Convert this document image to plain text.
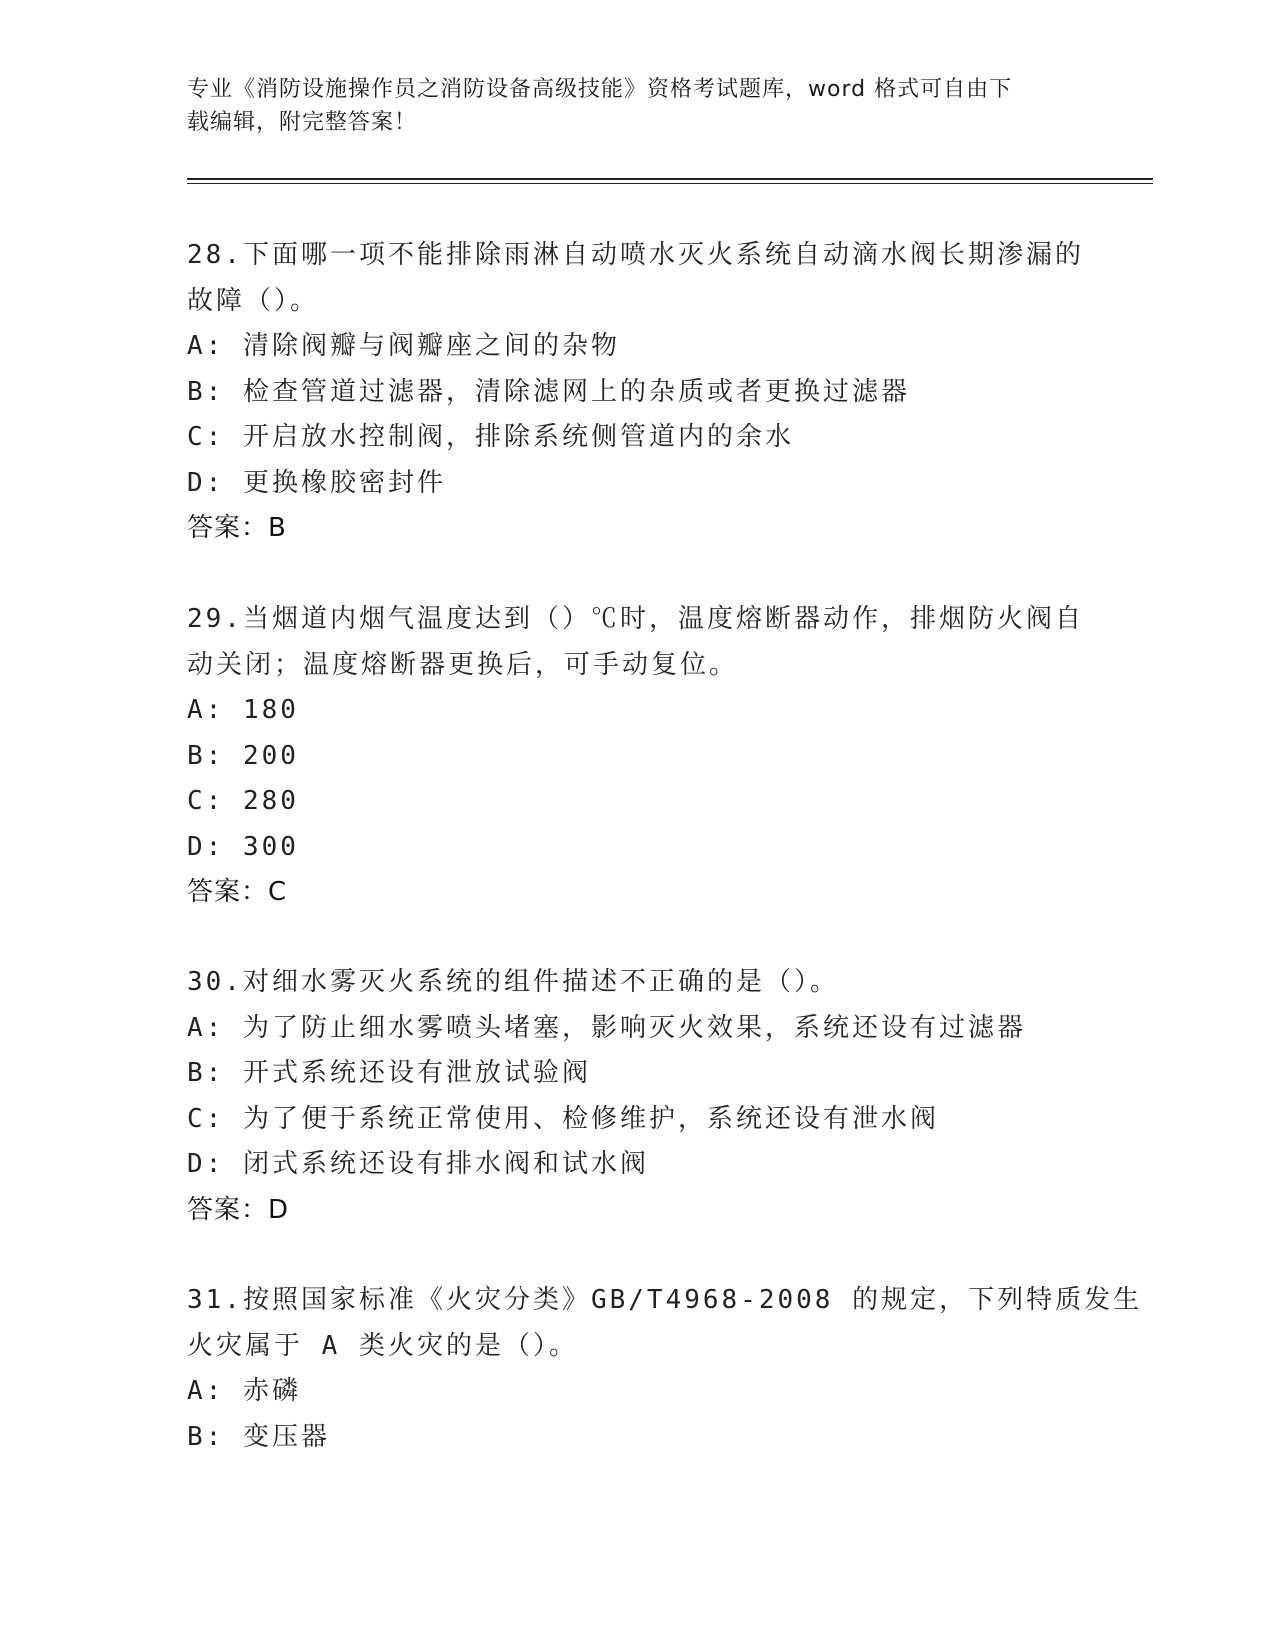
专业《消防设施操作员之消防设备高级技能》资格考试题库，word 格式可自由下
载编辑，附完整答案！
28.下面哪一项不能排除雨淋自动喷水灭火系统自动滴水阀长期渗漏的
故障（）。
A: 清除阀瓣与阀瓣座之间的杂物
B: 检查管道过滤器，清除滤网上的杂质或者更换过滤器
C: 开启放水控制阀，排除系统侧管道内的余水
D: 更换橡胶密封件
答案：B
29.当烟道内烟气温度达到（）℃时，温度熔断器动作，排烟防火阀自
动关闭；温度熔断器更换后，可手动复位。
A: 180
B: 200
C: 280
D: 300
答案：C
30.对细水雾灭火系统的组件描述不正确的是（）。
A: 为了防止细水雾喷头堵塞，影响灭火效果，系统还设有过滤器
B: 开式系统还设有泄放试验阀
C: 为了便于系统正常使用、检修维护，系统还设有泄水阀
D: 闭式系统还设有排水阀和试水阀
答案：D
31.按照国家标准《火灾分类》GB/T4968-2008 的规定，下列特质发生
火灾属于 A 类火灾的是（）。
A: 赤磷
B: 变压器
